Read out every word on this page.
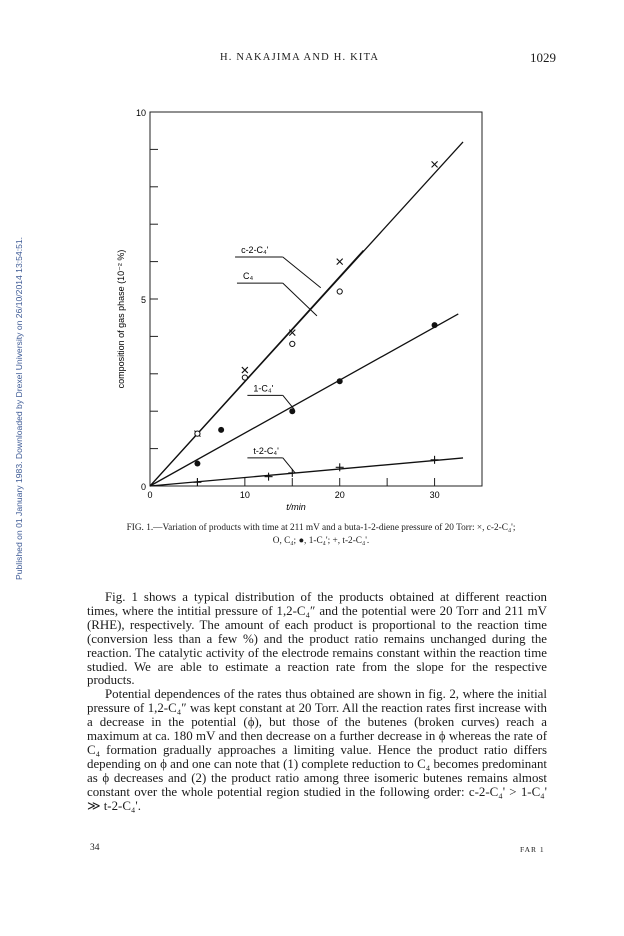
Published on 01 January 1983. Downloaded by Drexel University on 26/10/2014 13:54:51.
H. NAKAJIMA AND H. KITA	1029
0
5
10
0	10	20	30
c-2-C₄'
C₄
1-C₄'
t-2-C₄'
t/min
composition of gas phase (10⁻² %)
FIG. 1.—Variation of products with time at 211 mV and a buta-1-2-diene pressure of 20 Torr: ×, c-2-C₄';
O, C₄; ●, 1-C₄'; +, t-2-C₄'.

Fig. 1 shows a typical distribution of the products obtained at different reaction times, where the intitial pressure of 1,2-C₄″ and the potential were 20 Torr and 211 mV (RHE), respectively. The amount of each product is proportional to the reaction time (conversion less than a few %) and the product ratio remains unchanged during the reaction. The catalytic activity of the electrode remains constant within the reaction time studied. We are able to estimate a reaction rate from the slope for the respective products.

Potential dependences of the rates thus obtained are shown in fig. 2, where the initial pressure of 1,2-C₄″ was kept constant at 20 Torr. All the reaction rates first increase with a decrease in the potential (ϕ), but those of the butenes (broken curves) reach a maximum at ca. 180 mV and then decrease on a further decrease in ϕ whereas the rate of C₄ formation gradually approaches a limiting value. Hence the product ratio differs depending on ϕ and one can note that (1) complete reduction to C₄ becomes predominant as ϕ decreases and (2) the product ratio among three isomeric butenes remains almost constant over the whole potential region studied in the following order: c-2-C₄' > 1-C₄' ≫ t-2-C₄'.

34	FAR 1
